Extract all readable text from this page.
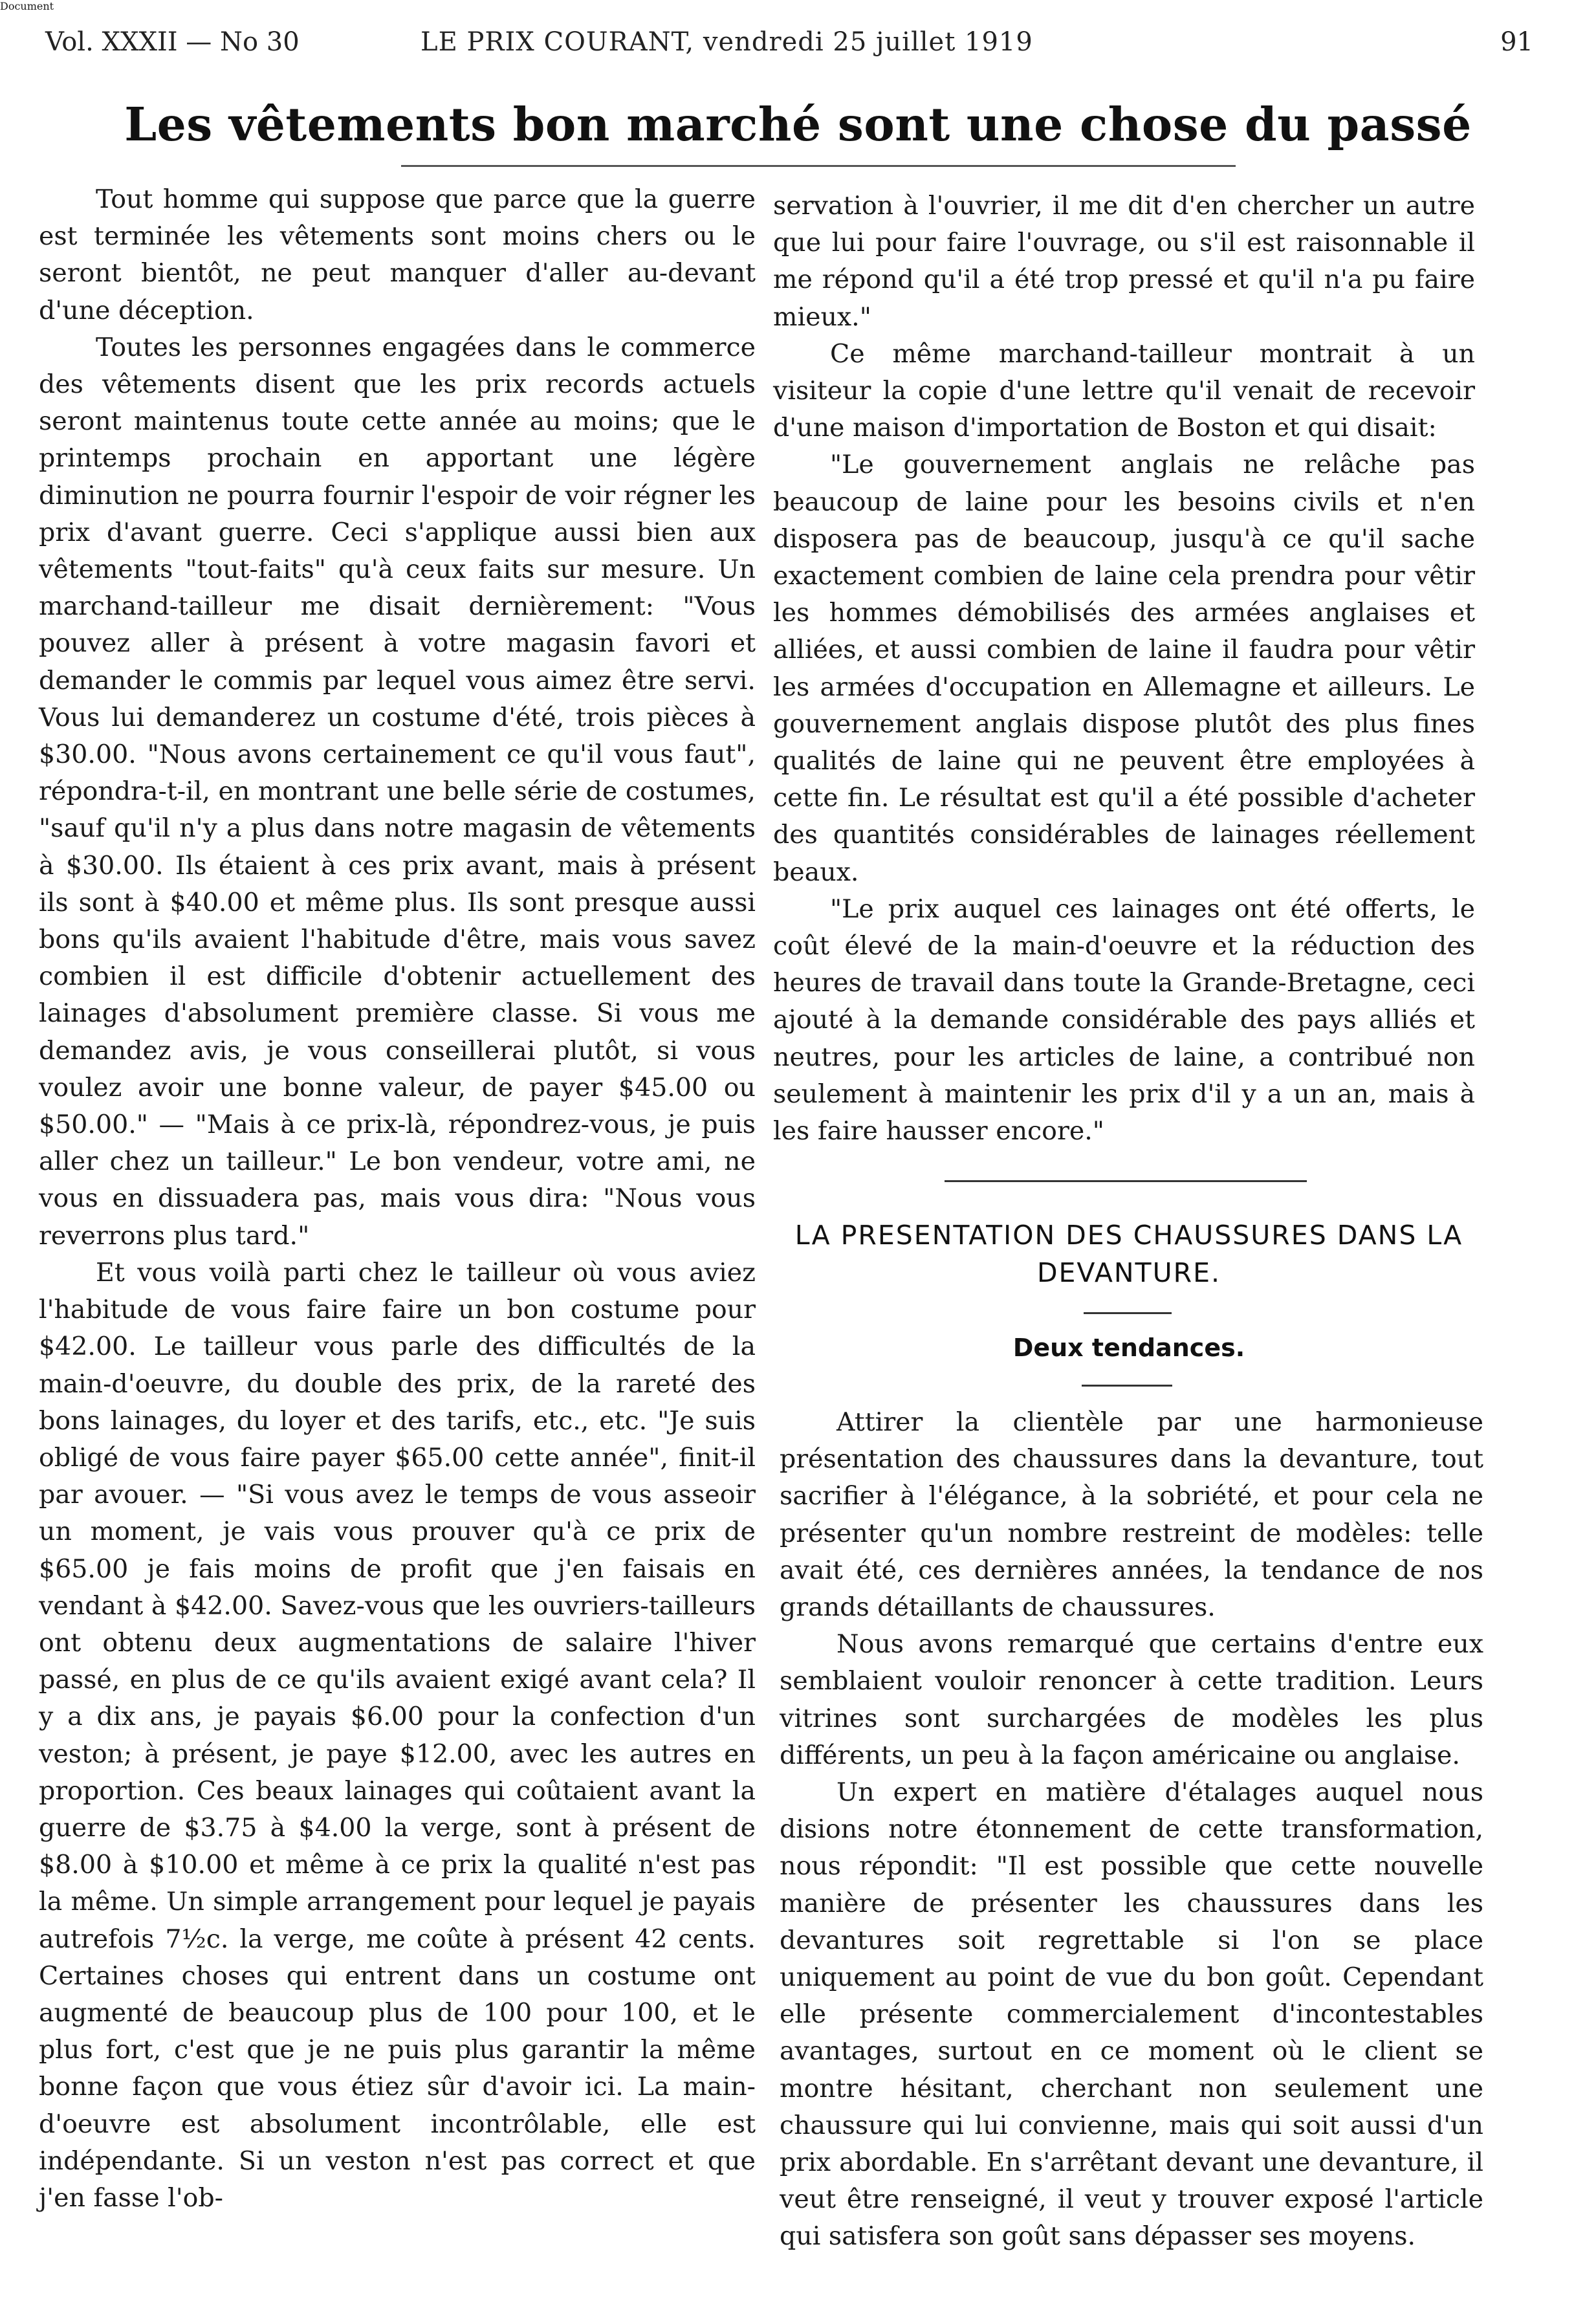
Document
Vol. XXXII — No 30	LE PRIX COURANT, vendredi 25 juillet 1919	91
Les vêtements bon marché sont une chose du passé

Tout homme qui suppose que parce que la guerre est terminée les vêtements sont moins chers ou le seront bientôt, ne peut manquer d'aller au-devant d'une déception.

Toutes les personnes engagées dans le commerce des vêtements disent que les prix records actuels seront maintenus toute cette année au moins; que le printemps prochain en apportant une légère diminution ne pourra fournir l'espoir de voir régner les prix d'avant guerre. Ceci s'applique aussi bien aux vêtements "tout-faits" qu'à ceux faits sur mesure. Un marchand-tailleur me disait dernièrement: "Vous pouvez aller à présent à votre magasin favori et demander le commis par lequel vous aimez être servi. Vous lui demanderez un costume d'été, trois pièces à $30.00. "Nous avons certainement ce qu'il vous faut", répondra-t-il, en montrant une belle série de costumes, "sauf qu'il n'y a plus dans notre magasin de vêtements à $30.00. Ils étaient à ces prix avant, mais à présent ils sont à $40.00 et même plus. Ils sont presque aussi bons qu'ils avaient l'habitude d'être, mais vous savez combien il est difficile d'obtenir actuellement des lainages d'absolument première classe. Si vous me demandez avis, je vous conseillerai plutôt, si vous voulez avoir une bonne valeur, de payer $45.00 ou $50.00." — "Mais à ce prix-là, répondrez-vous, je puis aller chez un tailleur." Le bon vendeur, votre ami, ne vous en dissuadera pas, mais vous dira: "Nous vous reverrons plus tard."

Et vous voilà parti chez le tailleur où vous aviez l'habitude de vous faire faire un bon costume pour $42.00. Le tailleur vous parle des difficultés de la main-d'oeuvre, du double des prix, de la rareté des bons lainages, du loyer et des tarifs, etc., etc. "Je suis obligé de vous faire payer $65.00 cette année", finit-il par avouer. — "Si vous avez le temps de vous asseoir un moment, je vais vous prouver qu'à ce prix de $65.00 je fais moins de profit que j'en faisais en vendant à $42.00. Savez-vous que les ouvriers-tailleurs ont obtenu deux augmentations de salaire l'hiver passé, en plus de ce qu'ils avaient exigé avant cela? Il y a dix ans, je payais $6.00 pour la confection d'un veston; à présent, je paye $12.00, avec les autres en proportion. Ces beaux lainages qui coûtaient avant la guerre de $3.75 à $4.00 la verge, sont à présent de $8.00 à $10.00 et même à ce prix la qualité n'est pas la même. Un simple arrangement pour lequel je payais autrefois 7½c. la verge, me coûte à présent 42 cents. Certaines choses qui entrent dans un costume ont augmenté de beaucoup plus de 100 pour 100, et le plus fort, c'est que je ne puis plus garantir la même bonne façon que vous étiez sûr d'avoir ici. La main-d'oeuvre est absolument incontrôlable, elle est indépendante. Si un veston n'est pas correct et que j'en fasse l'ob-

servation à l'ouvrier, il me dit d'en chercher un autre que lui pour faire l'ouvrage, ou s'il est raisonnable il me répond qu'il a été trop pressé et qu'il n'a pu faire mieux."

Ce même marchand-tailleur montrait à un visiteur la copie d'une lettre qu'il venait de recevoir d'une maison d'importation de Boston et qui disait:

"Le gouvernement anglais ne relâche pas beaucoup de laine pour les besoins civils et n'en disposera pas de beaucoup, jusqu'à ce qu'il sache exactement combien de laine cela prendra pour vêtir les hommes démobilisés des armées anglaises et alliées, et aussi combien de laine il faudra pour vêtir les armées d'occupation en Allemagne et ailleurs. Le gouvernement anglais dispose plutôt des plus fines qualités de laine qui ne peuvent être employées à cette fin. Le résultat est qu'il a été possible d'acheter des quantités considérables de lainages réellement beaux.

"Le prix auquel ces lainages ont été offerts, le coût élevé de la main-d'oeuvre et la réduction des heures de travail dans toute la Grande-Bretagne, ceci ajouté à la demande considérable des pays alliés et neutres, pour les articles de laine, a contribué non seulement à maintenir les prix d'il y a un an, mais à les faire hausser encore."

LA PRESENTATION DES CHAUSSURES DANS LA DEVANTURE.
Deux tendances.

Attirer la clientèle par une harmonieuse présentation des chaussures dans la devanture, tout sacrifier à l'élégance, à la sobriété, et pour cela ne présenter qu'un nombre restreint de modèles: telle avait été, ces dernières années, la tendance de nos grands détaillants de chaussures.

Nous avons remarqué que certains d'entre eux semblaient vouloir renoncer à cette tradition. Leurs vitrines sont surchargées de modèles les plus différents, un peu à la façon américaine ou anglaise.

Un expert en matière d'étalages auquel nous disions notre étonnement de cette transformation, nous répondit: "Il est possible que cette nouvelle manière de présenter les chaussures dans les devantures soit regrettable si l'on se place uniquement au point de vue du bon goût. Cependant elle présente commercialement d'incontestables avantages, surtout en ce moment où le client se montre hésitant, cherchant non seulement une chaussure qui lui convienne, mais qui soit aussi d'un prix abordable. En s'arrêtant devant une devanture, il veut être renseigné, il veut y trouver exposé l'article qui satisfera son goût sans dépasser ses moyens.
